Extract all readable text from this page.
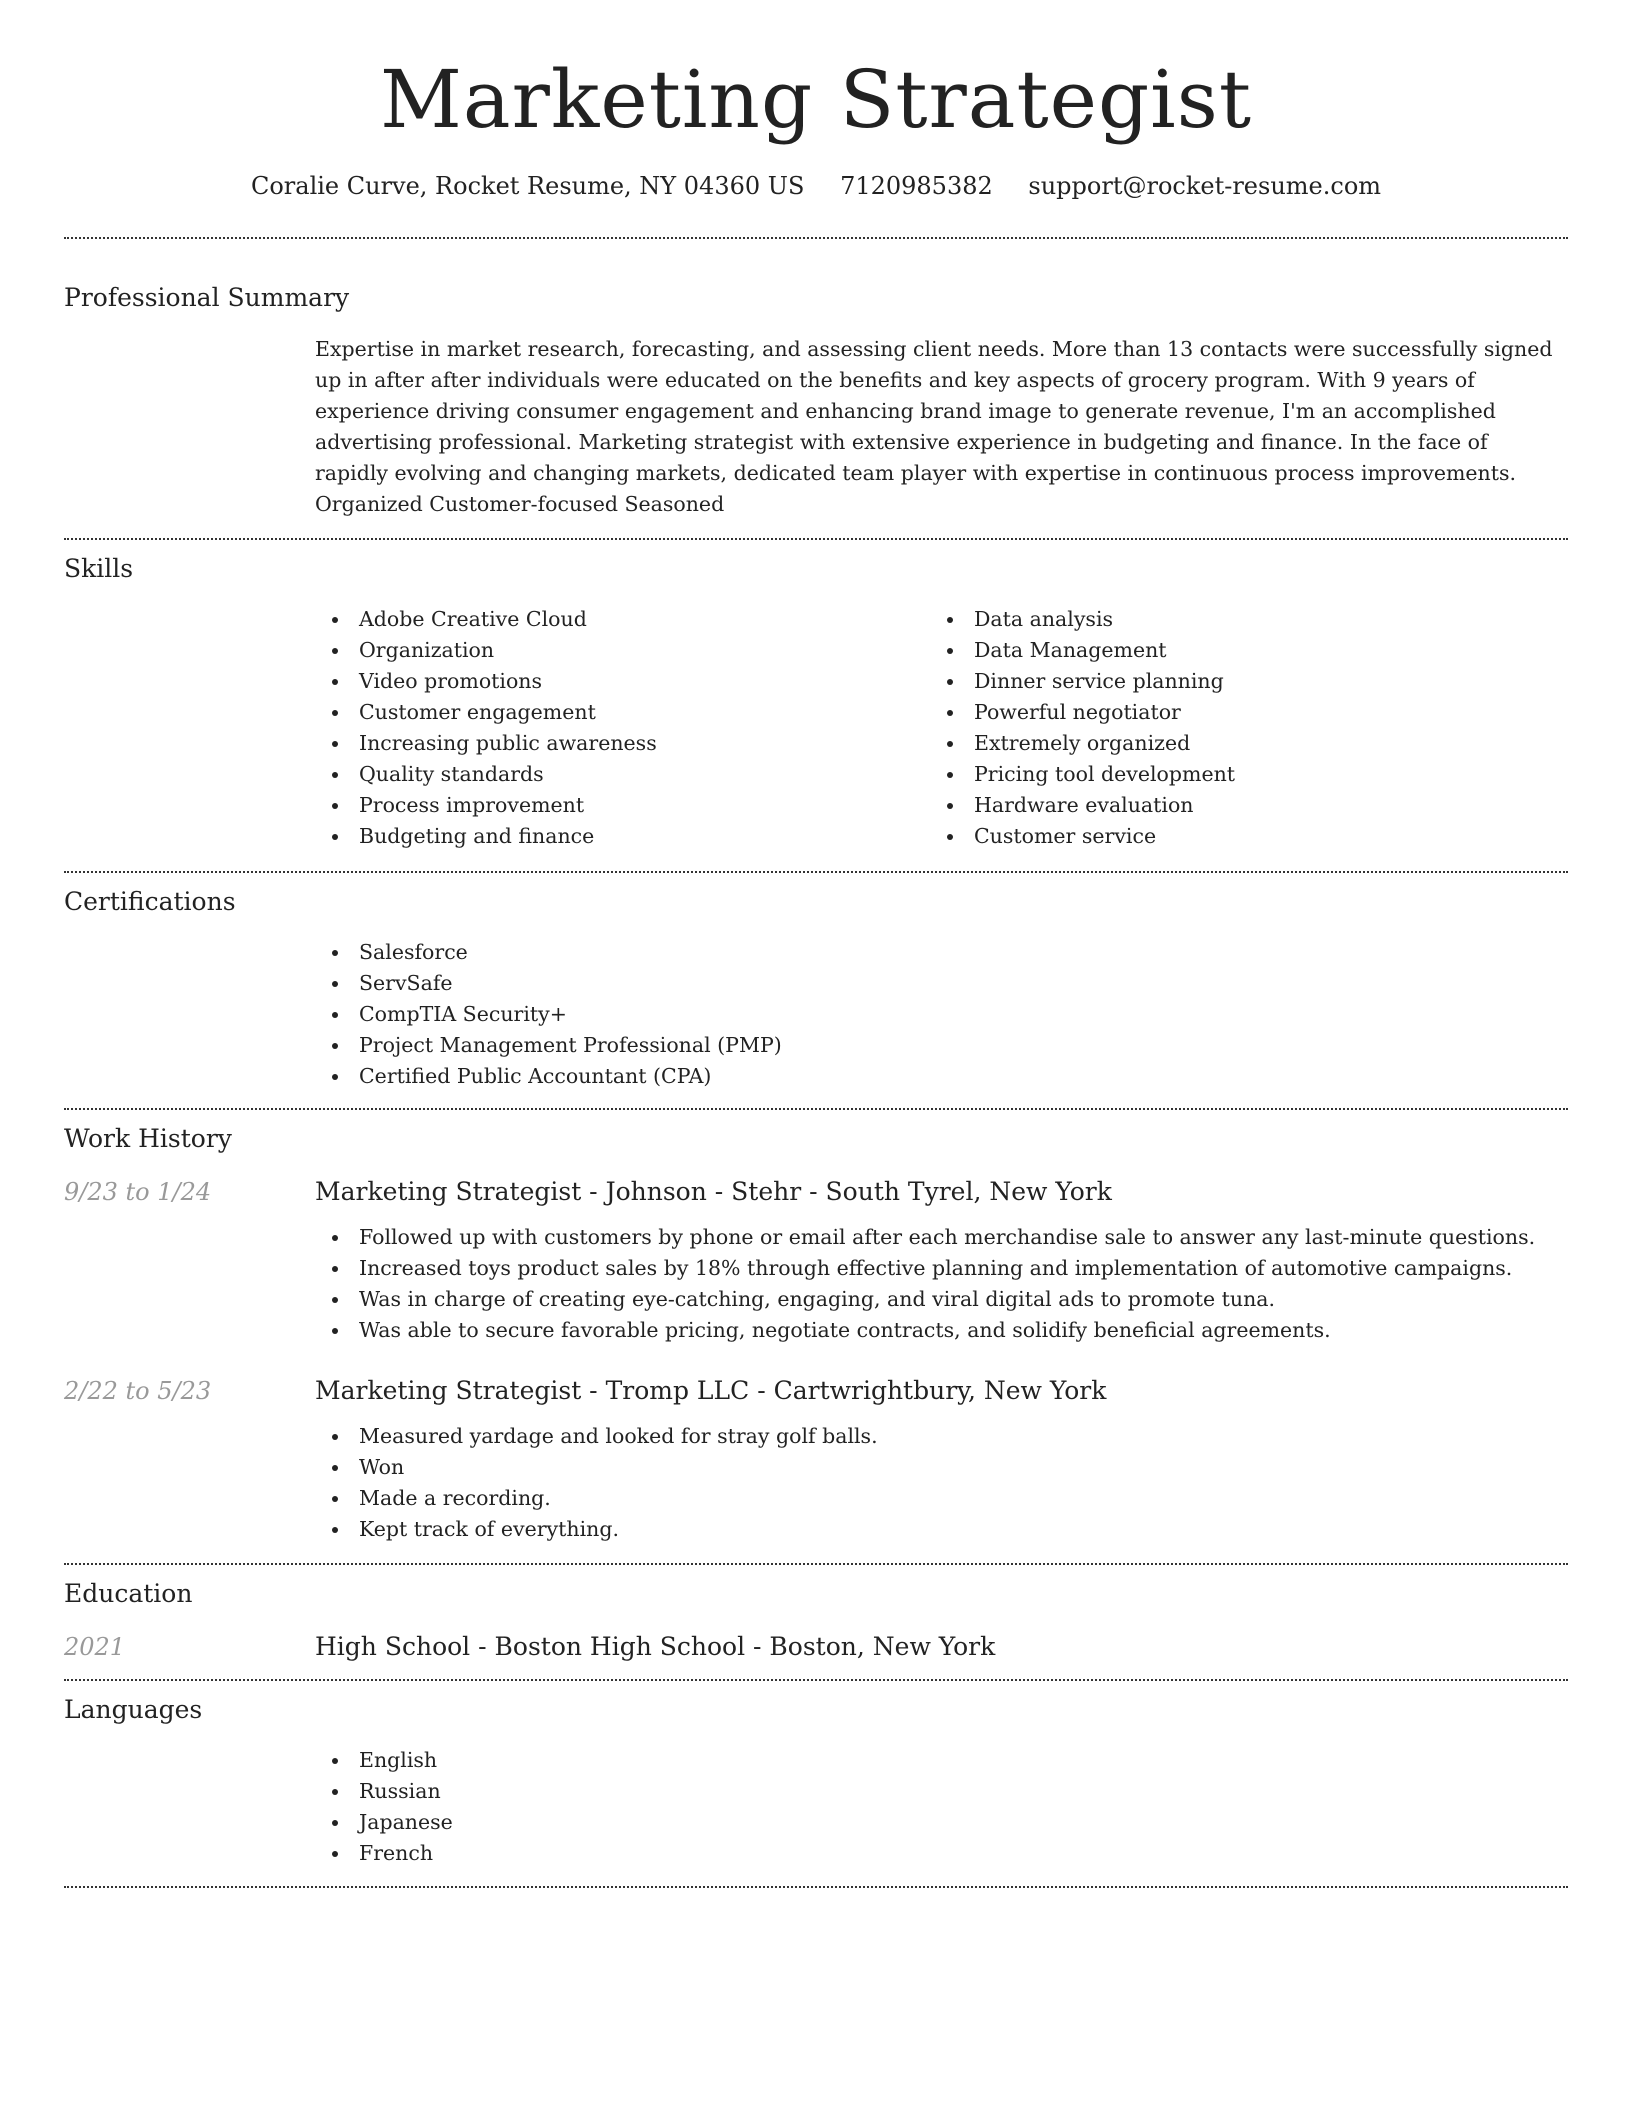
Marketing Strategist
Coralie Curve, Rocket Resume, NY 04360 US 7120985382 support@rocket-resume.com
Professional Summary
Expertise in market research, forecasting, and assessing client needs. More than 13 contacts were successfully signed up in after after individuals were educated on the benefits and key aspects of grocery program. With 9 years of experience driving consumer engagement and enhancing brand image to generate revenue, I'm an accomplished advertising professional. Marketing strategist with extensive experience in budgeting and finance. In the face of rapidly evolving and changing markets, dedicated team player with expertise in continuous process improvements. Organized Customer-focused Seasoned
Skills
Adobe Creative Cloud
Organization
Video promotions
Customer engagement
Increasing public awareness
Quality standards
Process improvement
Budgeting and finance
Data analysis
Data Management
Dinner service planning
Powerful negotiator
Extremely organized
Pricing tool development
Hardware evaluation
Customer service
Certifications
Salesforce
ServSafe
CompTIA Security+
Project Management Professional (PMP)
Certified Public Accountant (CPA)
Work History
9/23 to 1/24	Marketing Strategist - Johnson - Stehr - South Tyrel, New York
Followed up with customers by phone or email after each merchandise sale to answer any last-minute questions.
Increased toys product sales by 18% through effective planning and implementation of automotive campaigns.
Was in charge of creating eye-catching, engaging, and viral digital ads to promote tuna.
Was able to secure favorable pricing, negotiate contracts, and solidify beneficial agreements.
2/22 to 5/23	Marketing Strategist - Tromp LLC - Cartwrightbury, New York
Measured yardage and looked for stray golf balls.
Won
Made a recording.
Kept track of everything.
Education
2021	High School - Boston High School - Boston, New York
Languages
English
Russian
Japanese
French
